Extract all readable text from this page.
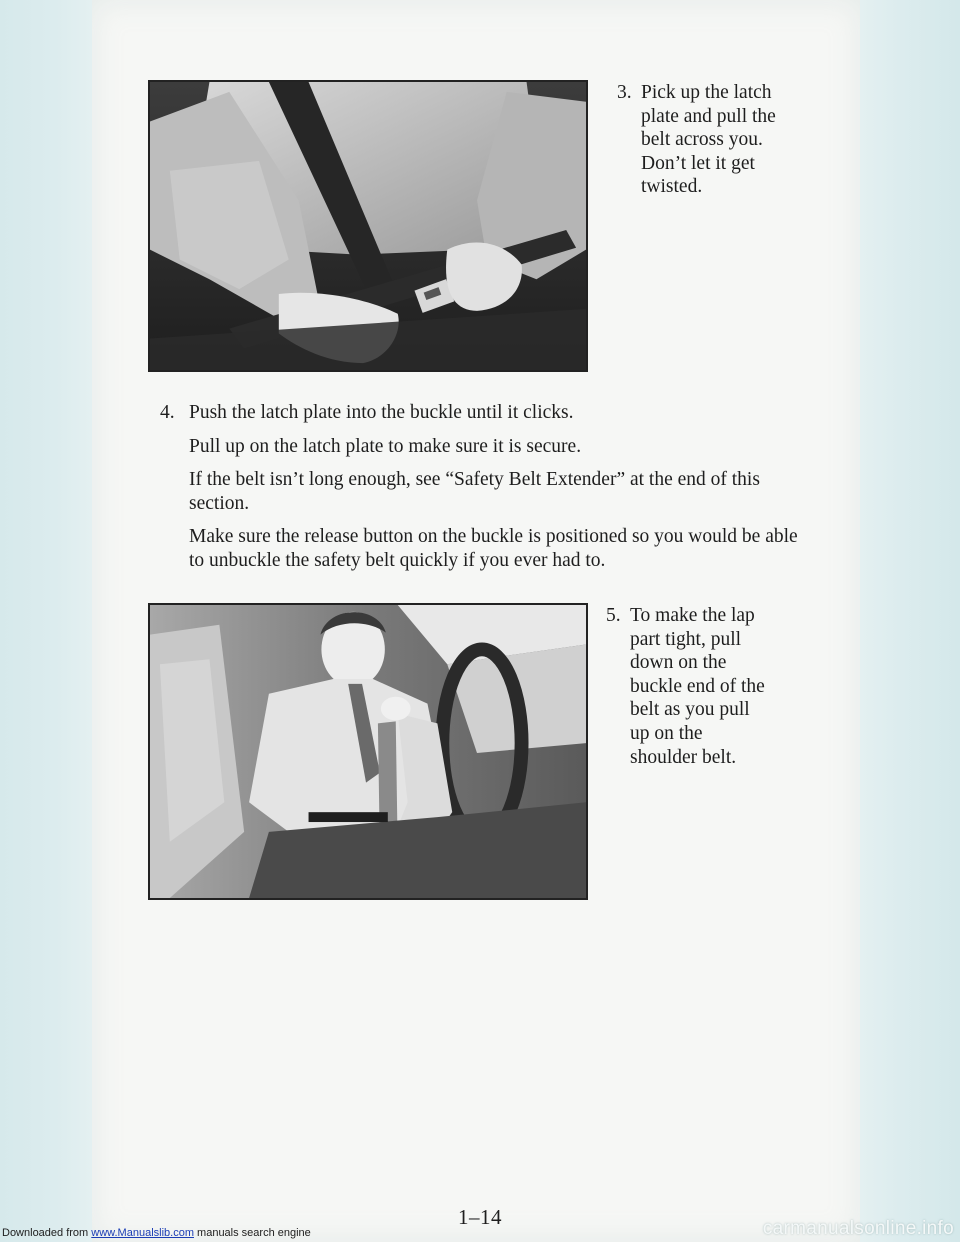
3. Pick up the latch
plate and pull the
belt across you.
Don’t let it get
twisted.
4. Push the latch plate into the buckle until it clicks.

Pull up on the latch plate to make sure it is secure.

If the belt isn’t long enough, see “Safety Belt Extender” at the end of this section.

Make sure the release button on the buckle is positioned so you would be able to unbuckle the safety belt quickly if you ever had to.

5. To make the lap
part tight, pull
down on the
buckle end of the
belt as you pull
up on the
shoulder belt.
1–14
Downloaded from www.Manualslib.com manuals search engine	carmanualsonline.info
